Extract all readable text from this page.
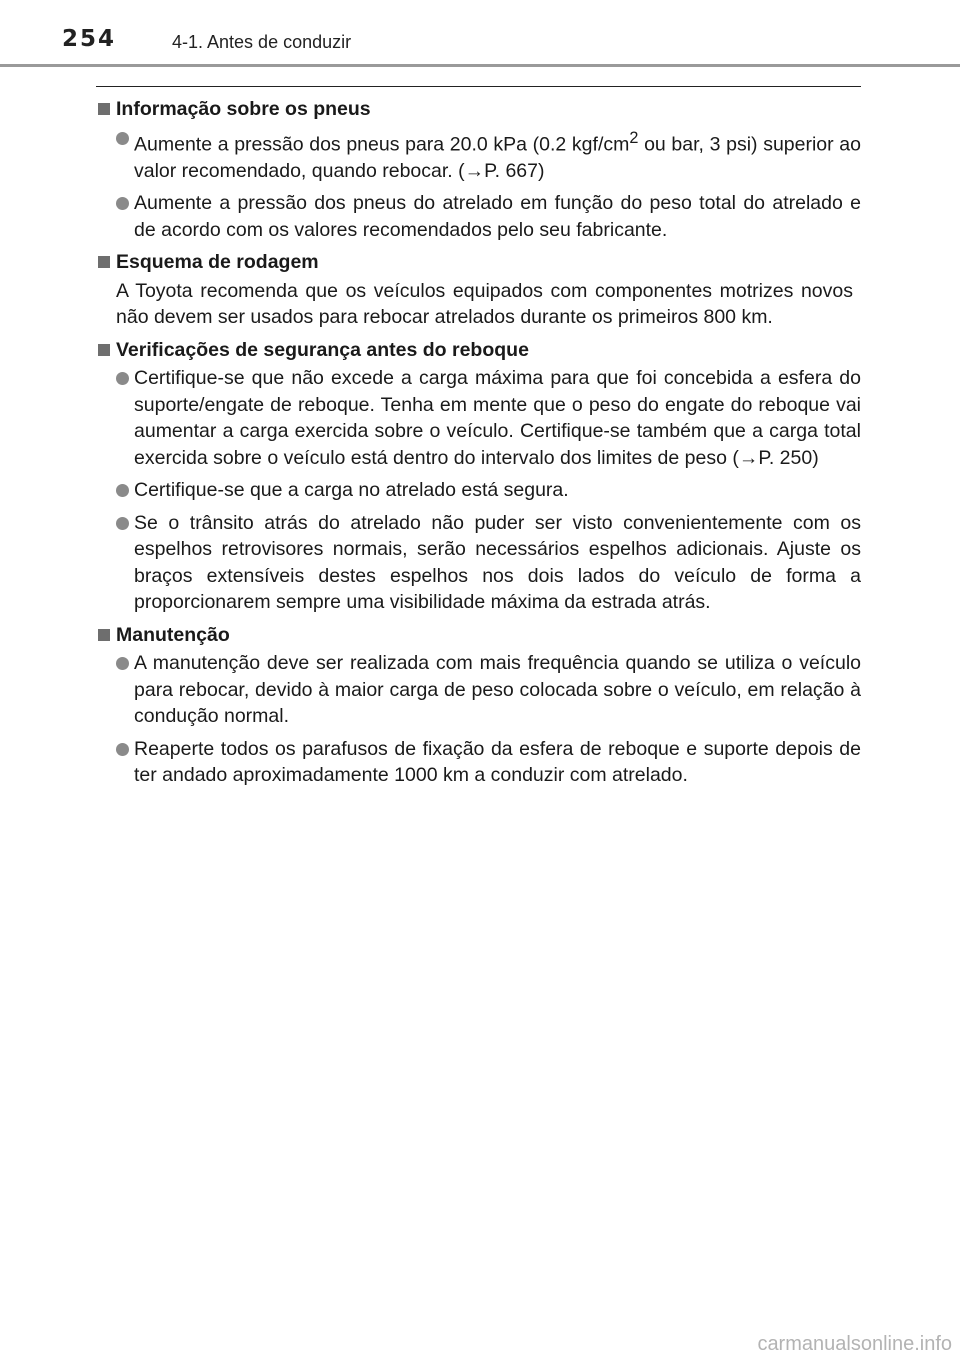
254	4-1. Antes de conduzir
Informação sobre os pneus
Aumente a pressão dos pneus para 20.0 kPa (0.2 kgf/$cm^2$ ou bar, 3 psi) superior ao valor recomendado, quando rebocar. (→P. 667)
Aumente a pressão dos pneus do atrelado em função do peso total do atrelado e de acordo com os valores recomendados pelo seu fabricante.
Esquema de rodagem
A Toyota recomenda que os veículos equipados com componentes motrizes novos não devem ser usados para rebocar atrelados durante os primeiros 800 km.
Verificações de segurança antes do reboque
Certifique-se que não excede a carga máxima para que foi concebida a esfera do suporte/engate de reboque. Tenha em mente que o peso do engate do reboque vai aumentar a carga exercida sobre o veículo. Certifique-se também que a carga total exercida sobre o veículo está dentro do intervalo dos limites de peso (→P. 250)
Certifique-se que a carga no atrelado está segura.
Se o trânsito atrás do atrelado não puder ser visto convenientemente com os espelhos retrovisores normais, serão necessários espelhos adicionais. Ajuste os braços extensíveis destes espelhos nos dois lados do veículo de forma a proporcionarem sempre uma visibilidade máxima da estrada atrás.
Manutenção
A manutenção deve ser realizada com mais frequência quando se utiliza o veículo para rebocar, devido à maior carga de peso colocada sobre o veículo, em relação à condução normal.
Reaperte todos os parafusos de fixação da esfera de reboque e suporte depois de ter andado aproximadamente 1000 km a conduzir com atrelado.
carmanualsonline.info
